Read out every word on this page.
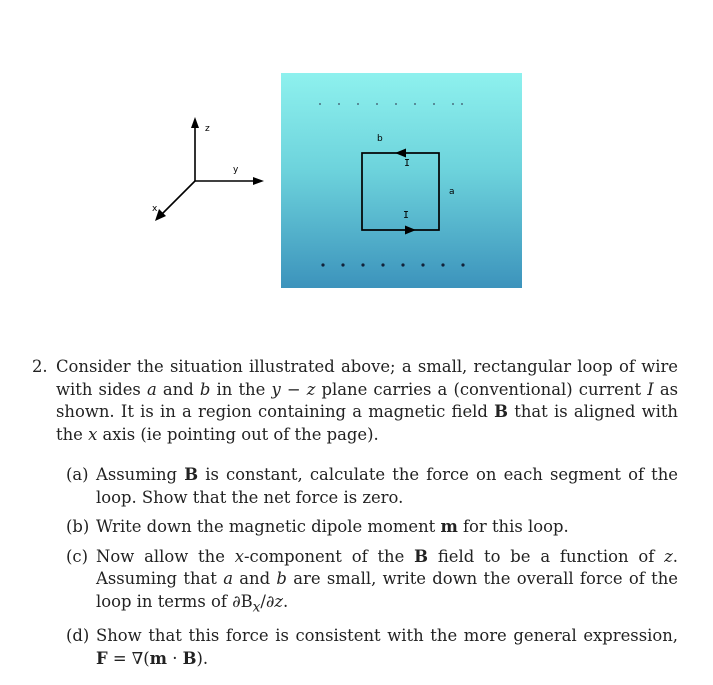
z
y
x
b
a
I
I
2. Consider the situation illustrated above; a small, rectangular loop of wire with sides a and b in the y − z plane carries a (conventional) current I as shown. It is in a region containing a magnetic field B that is aligned with the x axis (ie pointing out of the page).
(a) Assuming B is constant, calculate the force on each segment of the loop. Show that the net force is zero.
(b) Write down the magnetic dipole moment m for this loop.
(c) Now allow the x-component of the B field to be a function of z. Assuming that a and b are small, write down the overall force of the loop in terms of $\partial B_x/\partial z$.
(d) Show that this force is consistent with the more general expression, F = ∇(m · B).
